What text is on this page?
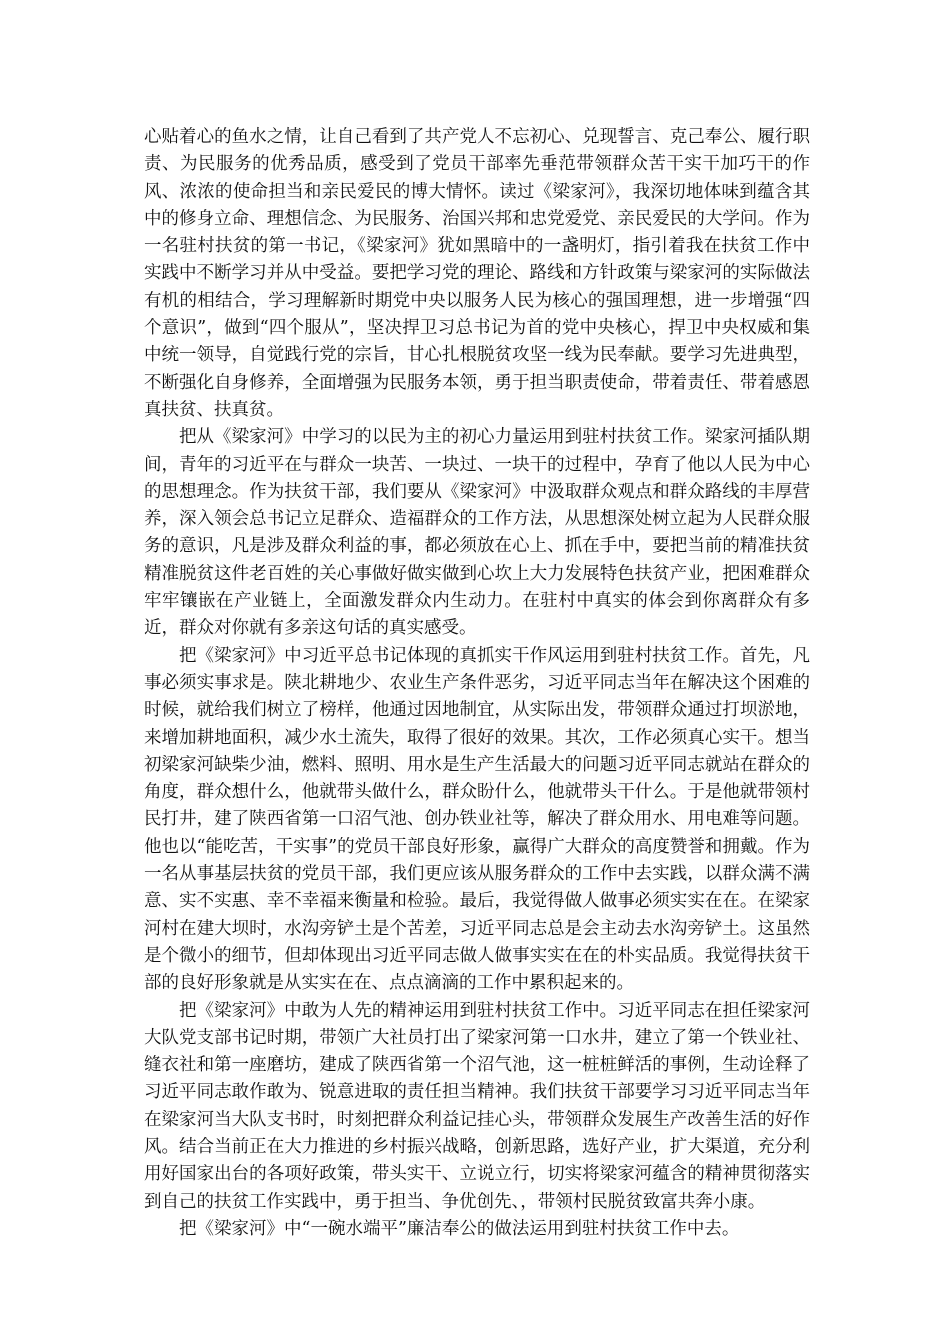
心贴着心的鱼水之情，让自己看到了共产党人不忘初心、兑现誓言、克己奉公、履行职责、为民服务的优秀品质，感受到了党员干部率先垂范带领群众苦干实干加巧干的作风、浓浓的使命担当和亲民爱民的博大情怀。读过《梁家河》，我深切地体味到蕴含其中的修身立命、理想信念、为民服务、治国兴邦和忠党爱党、亲民爱民的大学问。作为一名驻村扶贫的第一书记，《梁家河》犹如黑暗中的一盏明灯，指引着我在扶贫工作中实践中不断学习并从中受益。要把学习党的理论、路线和方针政策与梁家河的实际做法有机的相结合，学习理解新时期党中央以服务人民为核心的强国理想，进一步增强“四个意识”，做到“四个服从”，坚决捍卫习总书记为首的党中央核心，捍卫中央权威和集中统一领导，自觉践行党的宗旨，甘心扎根脱贫攻坚一线为民奉献。要学习先进典型，不断强化自身修养，全面增强为民服务本领，勇于担当职责使命，带着责任、带着感恩真扶贫、扶真贫。

把从《梁家河》中学习的以民为主的初心力量运用到驻村扶贫工作。梁家河插队期间，青年的习近平在与群众一块苦、一块过、一块干的过程中，孕育了他以人民为中心的思想理念。作为扶贫干部，我们要从《梁家河》中汲取群众观点和群众路线的丰厚营养，深入领会总书记立足群众、造福群众的工作方法，从思想深处树立起为人民群众服务的意识，凡是涉及群众利益的事，都必须放在心上、抓在手中，要把当前的精准扶贫精准脱贫这件老百姓的关心事做好做实做到心坎上大力发展特色扶贫产业，把困难群众牢牢镶嵌在产业链上，全面激发群众内生动力。在驻村中真实的体会到你离群众有多近，群众对你就有多亲这句话的真实感受。

把《梁家河》中习近平总书记体现的真抓实干作风运用到驻村扶贫工作。首先，凡事必须实事求是。陕北耕地少、农业生产条件恶劣，习近平同志当年在解决这个困难的时候，就给我们树立了榜样，他通过因地制宜，从实际出发，带领群众通过打坝淤地，来增加耕地面积，减少水土流失，取得了很好的效果。其次，工作必须真心实干。想当初梁家河缺柴少油，燃料、照明、用水是生产生活最大的问题习近平同志就站在群众的角度，群众想什么，他就带头做什么，群众盼什么，他就带头干什么。于是他就带领村民打井，建了陕西省第一口沼气池、创办铁业社等，解决了群众用水、用电难等问题。他也以“能吃苦，干实事”的党员干部良好形象，赢得广大群众的高度赞誉和拥戴。作为一名从事基层扶贫的党员干部，我们更应该从服务群众的工作中去实践，以群众满不满意、实不实惠、幸不幸福来衡量和检验。最后，我觉得做人做事必须实实在在。在梁家河村在建大坝时，水沟旁铲土是个苦差，习近平同志总是会主动去水沟旁铲土。这虽然是个微小的细节，但却体现出习近平同志做人做事实实在在的朴实品质。我觉得扶贫干部的良好形象就是从实实在在、点点滴滴的工作中累积起来的。

把《梁家河》中敢为人先的精神运用到驻村扶贫工作中。习近平同志在担任梁家河大队党支部书记时期，带领广大社员打出了梁家河第一口水井，建立了第一个铁业社、缝衣社和第一座磨坊，建成了陕西省第一个沼气池，这一桩桩鲜活的事例，生动诠释了习近平同志敢作敢为、锐意进取的责任担当精神。我们扶贫干部要学习习近平同志当年在梁家河当大队支书时，时刻把群众利益记挂心头，带领群众发展生产改善生活的好作风。结合当前正在大力推进的乡村振兴战略，创新思路，选好产业，扩大渠道，充分利用好国家出台的各项好政策，带头实干、立说立行，切实将梁家河蕴含的精神贯彻落实到自己的扶贫工作实践中，勇于担当、争优创先、，带领村民脱贫致富共奔小康。

把《梁家河》中“一碗水端平”廉洁奉公的做法运用到驻村扶贫工作中去。
